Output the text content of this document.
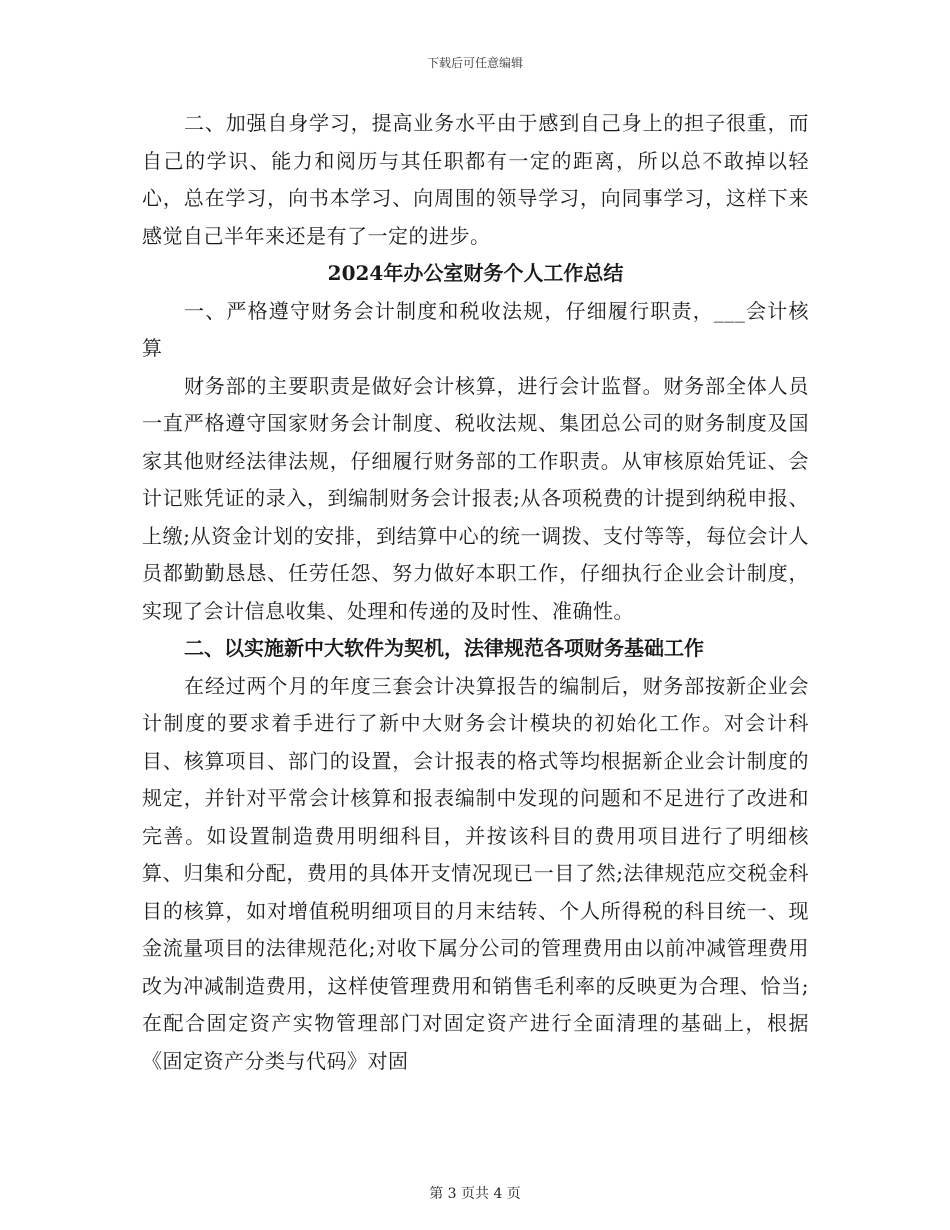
下载后可任意编辑

二、加强自身学习，提高业务水平由于感到自己身上的担子很重，而自己的学识、能力和阅历与其任职都有一定的距离，所以总不敢掉以轻心，总在学习，向书本学习、向周围的领导学习，向同事学习，这样下来感觉自己半年来还是有了一定的进步。

2024年办公室财务个人工作总结

一、严格遵守财务会计制度和税收法规，仔细履行职责，___会计核算

财务部的主要职责是做好会计核算，进行会计监督。财务部全体人员一直严格遵守国家财务会计制度、税收法规、集团总公司的财务制度及国家其他财经法律法规，仔细履行财务部的工作职责。从审核原始凭证、会计记账凭证的录入，到编制财务会计报表;从各项税费的计提到纳税申报、上缴;从资金计划的安排，到结算中心的统一调拨、支付等等，每位会计人员都勤勤恳恳、任劳任怨、努力做好本职工作，仔细执行企业会计制度，实现了会计信息收集、处理和传递的及时性、准确性。

二、以实施新中大软件为契机，法律规范各项财务基础工作

在经过两个月的年度三套会计决算报告的编制后，财务部按新企业会计制度的要求着手进行了新中大财务会计模块的初始化工作。对会计科目、核算项目、部门的设置，会计报表的格式等均根据新企业会计制度的规定，并针对平常会计核算和报表编制中发现的问题和不足进行了改进和完善。如设置制造费用明细科目，并按该科目的费用项目进行了明细核算、归集和分配，费用的具体开支情况现已一目了然;法律规范应交税金科目的核算，如对增值税明细项目的月末结转、个人所得税的科目统一、现金流量项目的法律规范化;对收下属分公司的管理费用由以前冲减管理费用改为冲减制造费用，这样使管理费用和销售毛利率的反映更为合理、恰当;在配合固定资产实物管理部门对固定资产进行全面清理的基础上，根据《固定资产分类与代码》对固

第 3 页共 4 页
